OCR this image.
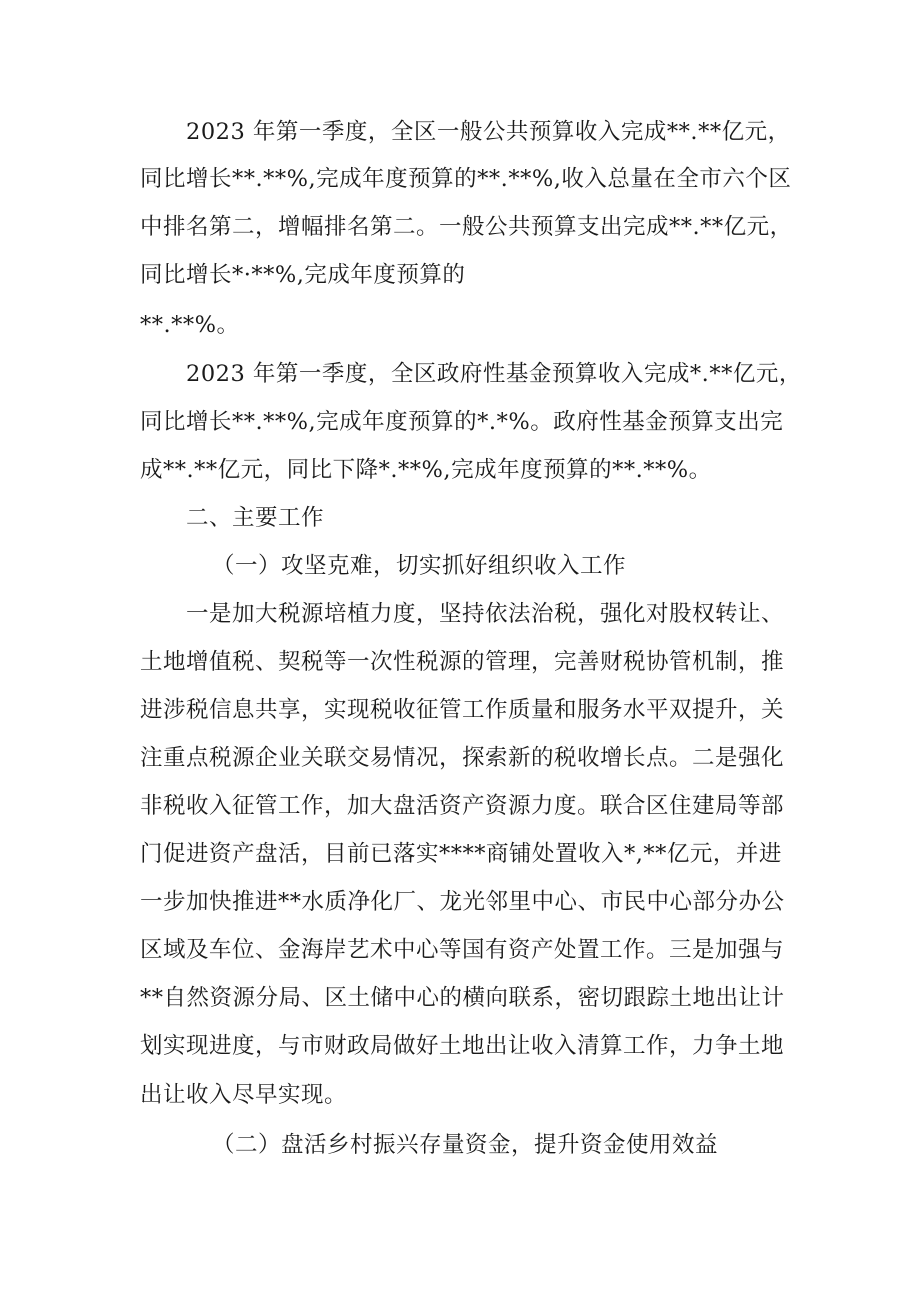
2023 年第一季度，全区一般公共预算收入完成**.**亿元，
同比增长**.**%,完成年度预算的**.**%,收入总量在全市六个区
中排名第二，增幅排名第二。一般公共预算支出完成**.**亿元，
同比增长*·**%,完成年度预算的
**.**%。
2023 年第一季度，全区政府性基金预算收入完成*.**亿元，
同比增长**.**%,完成年度预算的*.*%。政府性基金预算支出完
成**.**亿元，同比下降*.**%,完成年度预算的**.**%。
二、主要工作
（一）攻坚克难，切实抓好组织收入工作
一是加大税源培植力度，坚持依法治税，强化对股权转让、
土地增值税、契税等一次性税源的管理，完善财税协管机制，推
进涉税信息共享，实现税收征管工作质量和服务水平双提升，关
注重点税源企业关联交易情况，探索新的税收增长点。二是强化
非税收入征管工作，加大盘活资产资源力度。联合区住建局等部
门促进资产盘活，目前已落实****商铺处置收入*,**亿元，并进
一步加快推进**水质净化厂、龙光邻里中心、市民中心部分办公
区域及车位、金海岸艺术中心等国有资产处置工作。三是加强与
**自然资源分局、区土储中心的横向联系，密切跟踪土地出让计
划实现进度，与市财政局做好土地出让收入清算工作，力争土地
出让收入尽早实现。
（二）盘活乡村振兴存量资金，提升资金使用效益
